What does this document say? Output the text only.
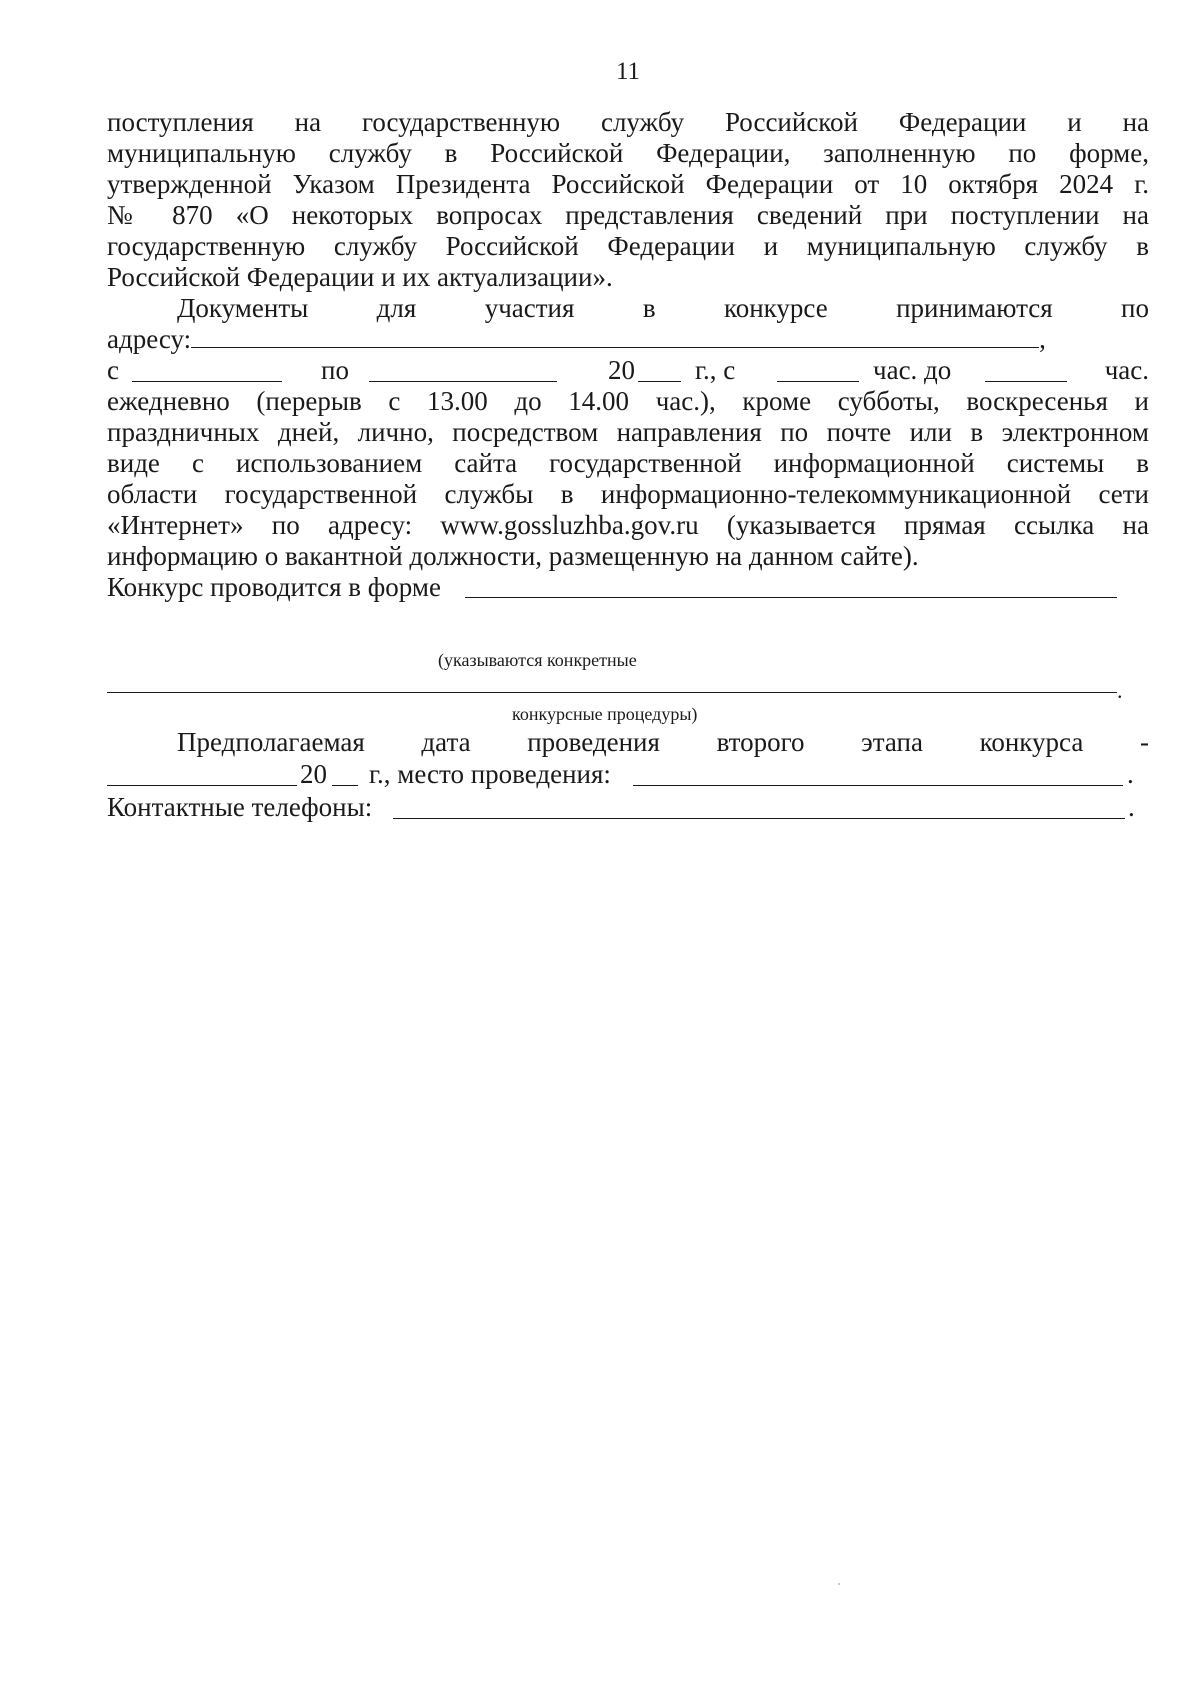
11
поступления на государственную службу Российской Федерации и на
муниципальную службу в Российской Федерации, заполненную по форме,
утвержденной Указом Президента Российской Федерации от 10 октября 2024 г.
№ 870 «О некоторых вопросах представления сведений при поступлении на
государственную службу Российской Федерации и муниципальную службу в
Российской Федерации и их актуализации».
Документы для участия в конкурсе принимаются по
адресу:	,
с	по	20 г., с	час. до	час.
ежедневно (перерыв с 13.00 до 14.00 час.), кроме субботы, воскресенья и
праздничных дней, лично, посредством направления по почте или в электронном
виде с использованием сайта государственной информационной системы в
области государственной службы в информационно-телекоммуникационной сети
«Интернет» по адресу: www.gossluzhba.gov.ru (указывается прямая ссылка на
информацию о вакантной должности, размещенную на данном сайте).
Конкурс проводится в форме
(указываются конкретные
.
конкурсные процедуры)
Предполагаемая дата проведения второго этапа конкурса -
20 г., место проведения:	.
Контактные телефоны:	.
